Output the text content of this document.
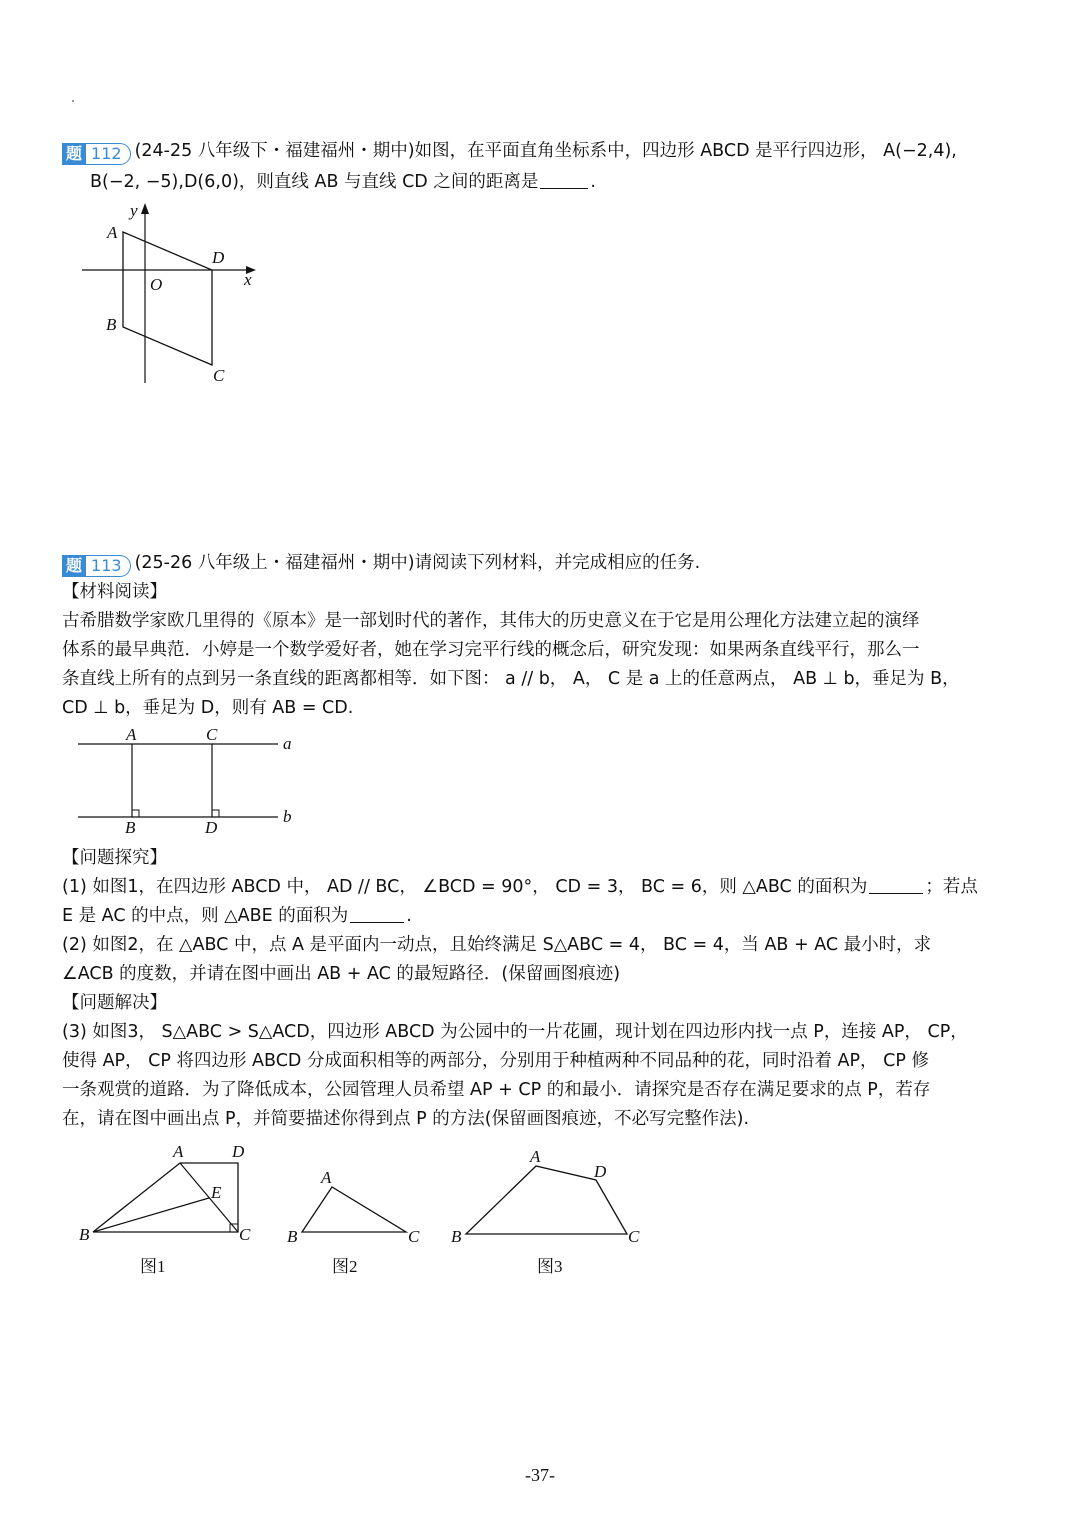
题 112 (24-25 八年级下・福建福州・期中)如图，在平面直角坐标系中，四边形 ABCD 是平行四边形， A(−2,4),
B(−2, −5),D(6,0)，则直线 AB 与直线 CD 之间的距离是	.
y
A
D
O	x
B
C
题 113 (25-26 八年级上・福建福州・期中)请阅读下列材料，并完成相应的任务.
【材料阅读】
古希腊数学家欧几里得的《原本》是一部划时代的著作，其伟大的历史意义在于它是用公理化方法建立起的演绎
体系的最早典范．小婷是一个数学爱好者，她在学习完平行线的概念后，研究发现：如果两条直线平行，那么一
条直线上所有的点到另一条直线的距离都相等．如下图： a // b， A， C 是 a 上的任意两点， AB ⊥ b，垂足为 B，
CD ⊥ b，垂足为 D，则有 AB = CD.
A	C	a
B	D
b
【问题探究】
(1) 如图1，在四边形 ABCD 中， AD // BC， ∠BCD = 90°， CD = 3， BC = 6，则 △ABC 的面积为	；若点
E 是 AC 的中点，则 △ABE 的面积为	.
(2) 如图2，在 △ABC 中，点 A 是平面内一动点，且始终满足 S△ABC = 4， BC = 4，当 AB + AC 最小时，求
∠ACB 的度数，并请在图中画出 AB + AC 的最短路径．(保留画图痕迹)
【问题解决】
(3) 如图3， S△ABC > S△ACD，四边形 ABCD 为公园中的一片花圃，现计划在四边形内找一点 P，连接 AP， CP，
使得 AP， CP 将四边形 ABCD 分成面积相等的两部分，分别用于种植两种不同品种的花，同时沿着 AP， CP 修
一条观赏的道路．为了降低成本，公园管理人员希望 AP + CP 的和最小．请探究是否存在满足要求的点 P，若存
在，请在图中画出点 P，并简要描述你得到点 P 的方法(保留画图痕迹，不必写完整作法).
A	D
E
B	C
图1
A
B	C
图2
A
D
B	C
图3
-37-
